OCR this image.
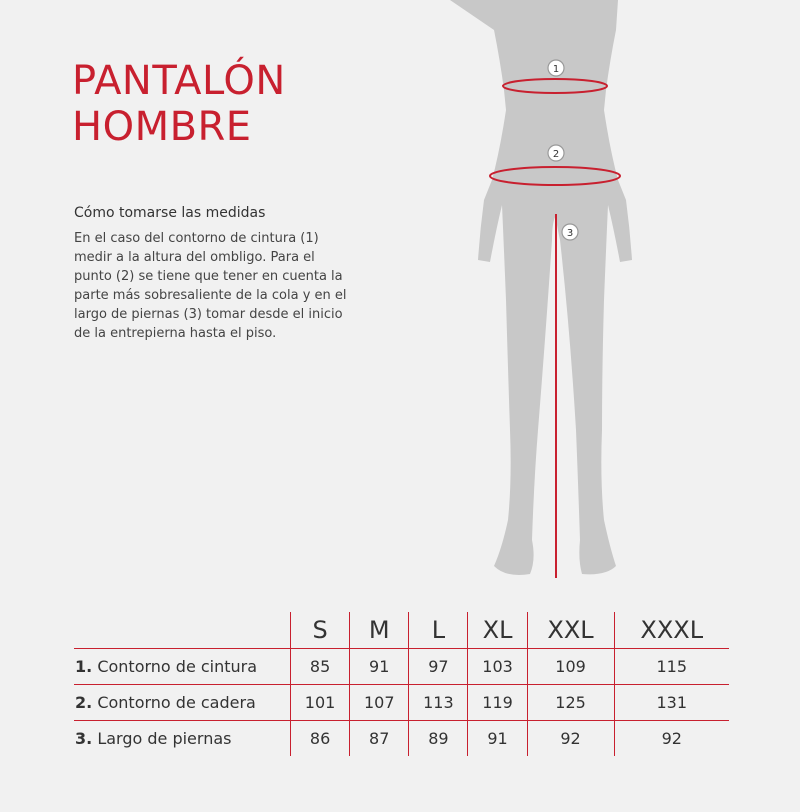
PANTALÓN
HOMBRE
Cómo tomarse las medidas
En el caso del contorno de cintura (1)
medir a la altura del ombligo. Para el
punto (2) se tiene que tener en cuenta la
parte más sobresaliente de la cola y en el
largo de piernas (3) tomar desde el inicio
de la entrepierna hasta el piso.
1
2
3
	S	M	L	XL	XXL	XXXL
1. Contorno de cintura	85	91	97	103	109	115
2. Contorno de cadera	101	107	113	119	125	131
3. Largo de piernas	86	87	89	91	92	92
